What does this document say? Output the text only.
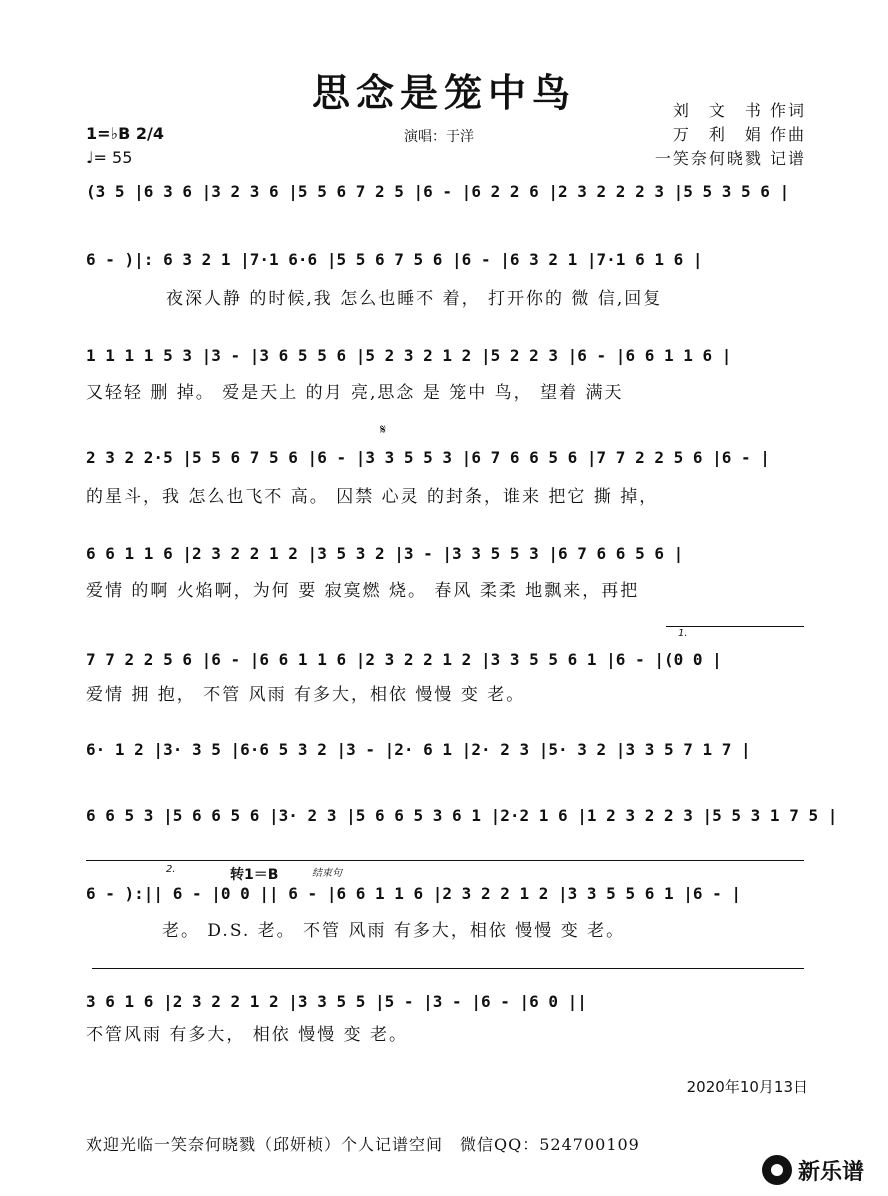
思念是笼中鸟	刘　文　书 作词
万　利　娟 作曲
一笑奈何晓戮 记谱
1=♭B 2/4
♩= 55
演唱：于洋
(3 5 |6 3 6 |3 2 3 6 |5 5 6 7 2 5 |6 - |6 2 2 6 |2 3 2 2 2 3 |5 5 3 5 6 |
6 - )|: 6 3 2 1 |7·1 6·6 |5 5 6 7 5 6 |6 - |6 3 2 1 |7·1 6 1 6 |
夜深人静 的时候,我 怎么也睡不 着， 打开你的 微 信,回复
1 1 1 1 5 3 |3 - |3 6 5 5 6 |5 2 3 2 1 2 |5 2 2 3 |6 - |6 6 1 1 6 |
又轻轻 删 掉。 爱是天上 的月 亮,思念 是 笼中 鸟， 望着 满天
𝄋
2 3 2 2·5 |5 5 6 7 5 6 |6 - |3 3 5 5 3 |6 7 6 6 5 6 |7 7 2 2 5 6 |6 - |
的星斗，我 怎么也飞不 高。 囚禁 心灵 的封条，谁来 把它 撕 掉，
6 6 1 1 6 |2 3 2 2 1 2 |3 5 3 2 |3 - |3 3 5 5 3 |6 7 6 6 5 6 |
爱情 的啊 火焰啊，为何 要 寂寞燃 烧。 春风 柔柔 地飘来，再把
1.
7 7 2 2 5 6 |6 - |6 6 1 1 6 |2 3 2 2 1 2 |3 3 5 5 6 1 |6 - |(0 0 |
爱情 拥 抱， 不管 风雨 有多大，相依 慢慢 变 老。
6· 1 2 |3· 3 5 |6·6 5 3 2 |3 - |2· 6 1 |2· 2 3 |5· 3 2 |3 3 5 7 1 7 |
6 6 5 3 |5 6 6 5 6 |3· 2 3 |5 6 6 5 3 6 1 |2·2 1 6 |1 2 3 2 2 3 |5 5 3 1 7 5 |
2.	转1＝B	结束句
6 - ):|| 6 - |0 0 || 6 - |6 6 1 1 6 |2 3 2 2 1 2 |3 3 5 5 6 1 |6 - |
老。 D.S. 老。 不管 风雨 有多大，相依 慢慢 变 老。
3 6 1 6 |2 3 2 2 1 2 |3 3 5 5 |5 - |3 - |6 - |6 0 ||
不管风雨 有多大， 相依 慢慢 变 老。
2020年10月13日
欢迎光临一笑奈何晓戮（邱妍桢）个人记谱空间　微信QQ：524700109
新乐谱
